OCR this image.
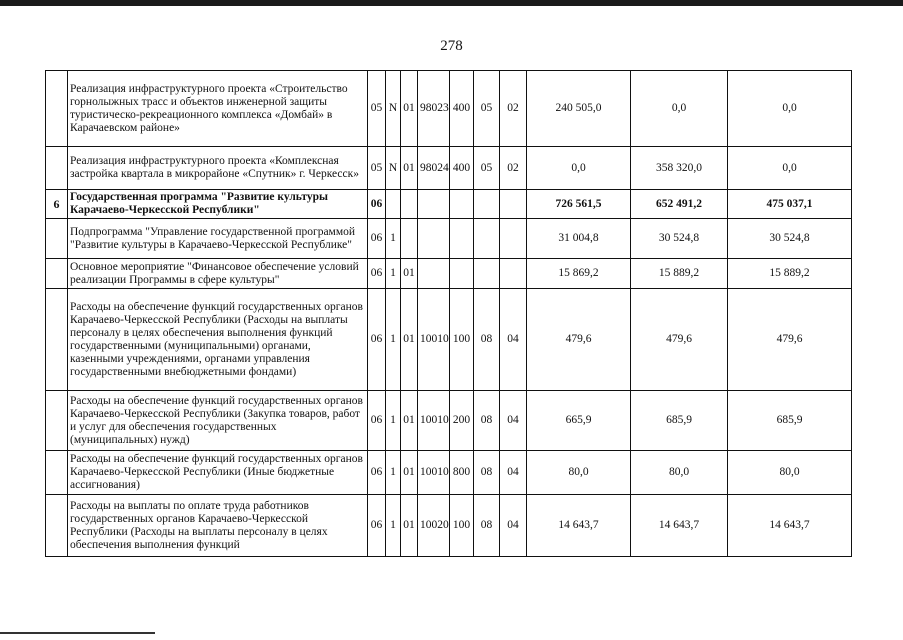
278
	Реализация инфраструктурного проекта «Строительство горнолыжных трасс и объектов инженерной защиты туристическо-рекреационного комплекса «Домбай» в Карачаевском районе»	05	N	01	98023	400	05	02	240 505,0	0,0	0,0
	Реализация инфраструктурного проекта «Комплексная застройка квартала в микрорайоне «Спутник» г. Черкесск»	05	N	01	98024	400	05	02	0,0	358 320,0	0,0
6	Государственная программа "Развитие культуры Карачаево-Черкесской Республики"	06							726 561,5	652 491,2	475 037,1
	Подпрограмма "Управление государственной программой "Развитие культуры в Карачаево-Черкесской Республике"	06	1						31 004,8	30 524,8	30 524,8
	Основное мероприятие "Финансовое обеспечение условий реализации Программы в сфере культуры"	06	1	01					15 869,2	15 889,2	15 889,2
	Расходы на обеспечение функций государственных органов Карачаево-Черкесской Республики (Расходы на выплаты персоналу в целях обеспечения выполнения функций государственными (муниципальными) органами, казенными учреждениями, органами управления государственными внебюджетными фондами)	06	1	01	10010	100	08	04	479,6	479,6	479,6
	Расходы на обеспечение функций государственных органов Карачаево-Черкесской Республики (Закупка товаров, работ и услуг для обеспечения государственных (муниципальных) нужд)	06	1	01	10010	200	08	04	665,9	685,9	685,9
	Расходы на обеспечение функций государственных органов Карачаево-Черкесской Республики (Иные бюджетные ассигнования)	06	1	01	10010	800	08	04	80,0	80,0	80,0
	Расходы на выплаты по оплате труда работников государственных органов Карачаево-Черкесской Республики (Расходы на выплаты персоналу в целях обеспечения выполнения функций	06	1	01	10020	100	08	04	14 643,7	14 643,7	14 643,7
